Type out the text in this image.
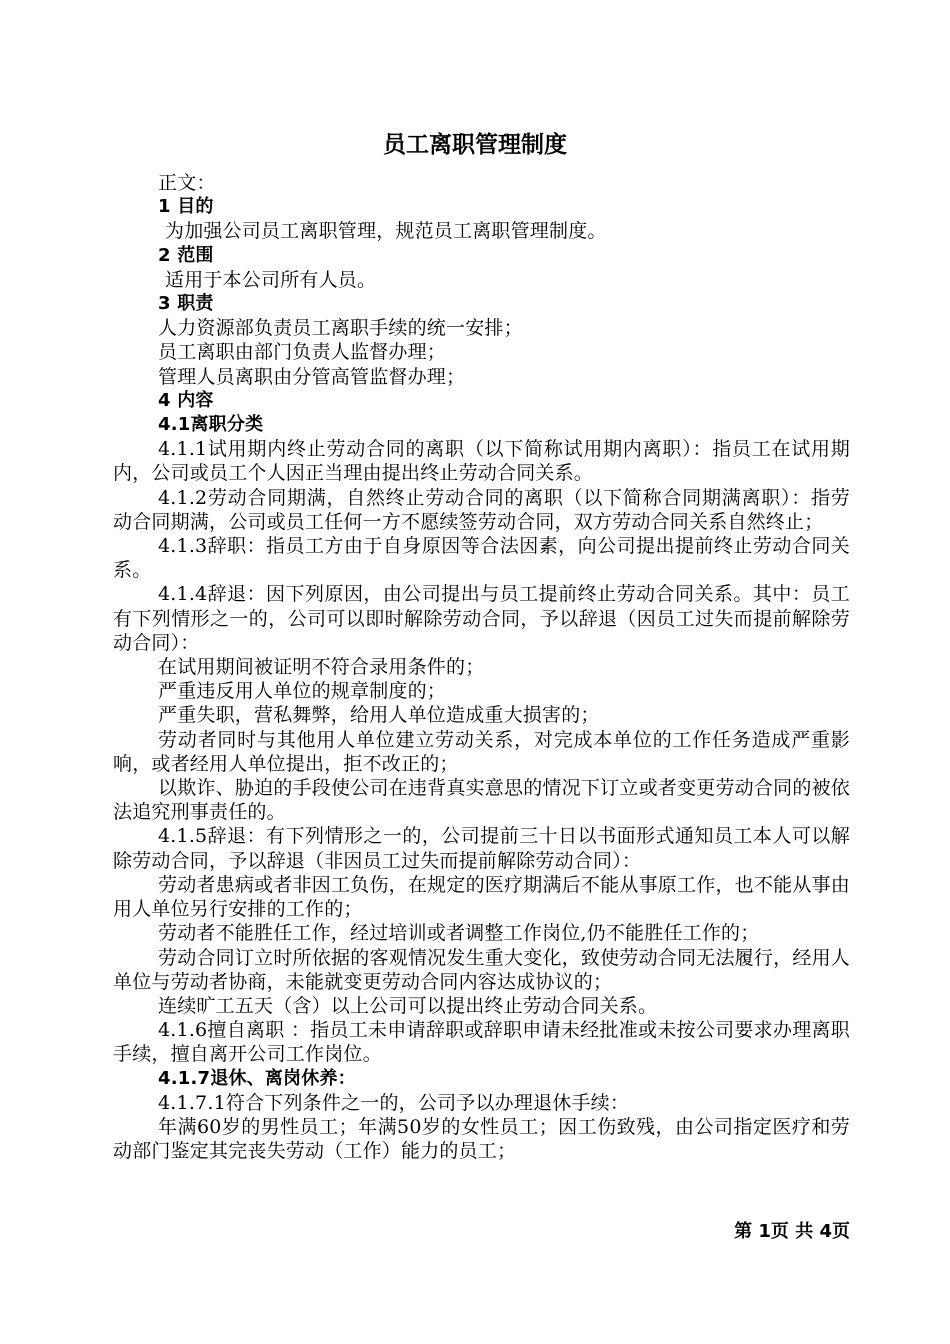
员工离职管理制度

正文：

1 目的

为加强公司员工离职管理，规范员工离职管理制度。

2 范围

适用于本公司所有人员。

3 职责

人力资源部负责员工离职手续的统一安排；

员工离职由部门负责人监督办理；

管理人员离职由分管高管监督办理；

4 内容

4.1离职分类

4.1.1试用期内终止劳动合同的离职（以下简称试用期内离职）：指员工在试用期内，公司或员工个人因正当理由提出终止劳动合同关系。

4.1.2劳动合同期满，自然终止劳动合同的离职（以下简称合同期满离职）：指劳动合同期满，公司或员工任何一方不愿续签劳动合同，双方劳动合同关系自然终止；

4.1.3辞职：指员工方由于自身原因等合法因素，向公司提出提前终止劳动合同关系。

4.1.4辞退：因下列原因，由公司提出与员工提前终止劳动合同关系。其中：员工有下列情形之一的，公司可以即时解除劳动合同，予以辞退（因员工过失而提前解除劳动合同）：

在试用期间被证明不符合录用条件的；

严重违反用人单位的规章制度的；

严重失职，营私舞弊，给用人单位造成重大损害的；

劳动者同时与其他用人单位建立劳动关系，对完成本单位的工作任务造成严重影响，或者经用人单位提出，拒不改正的；

以欺诈、胁迫的手段使公司在违背真实意思的情况下订立或者变更劳动合同的被依法追究刑事责任的。

4.1.5辞退：有下列情形之一的，公司提前三十日以书面形式通知员工本人可以解除劳动合同，予以辞退（非因员工过失而提前解除劳动合同）：

劳动者患病或者非因工负伤，在规定的医疗期满后不能从事原工作，也不能从事由用人单位另行安排的工作的；

劳动者不能胜任工作，经过培训或者调整工作岗位,仍不能胜任工作的；

劳动合同订立时所依据的客观情况发生重大变化，致使劳动合同无法履行，经用人单位与劳动者协商，未能就变更劳动合同内容达成协议的；

连续旷工五天（含）以上公司可以提出终止劳动合同关系。

4.1.6擅自离职 ：指员工未申请辞职或辞职申请未经批准或未按公司要求办理离职手续，擅自离开公司工作岗位。

4.1.7退休、离岗休养：

4.1.7.1符合下列条件之一的，公司予以办理退休手续：

年满60岁的男性员工；年满50岁的女性员工；因工伤致残，由公司指定医疗和劳动部门鉴定其完丧失劳动（工作）能力的员工；

第 1页 共 4页
